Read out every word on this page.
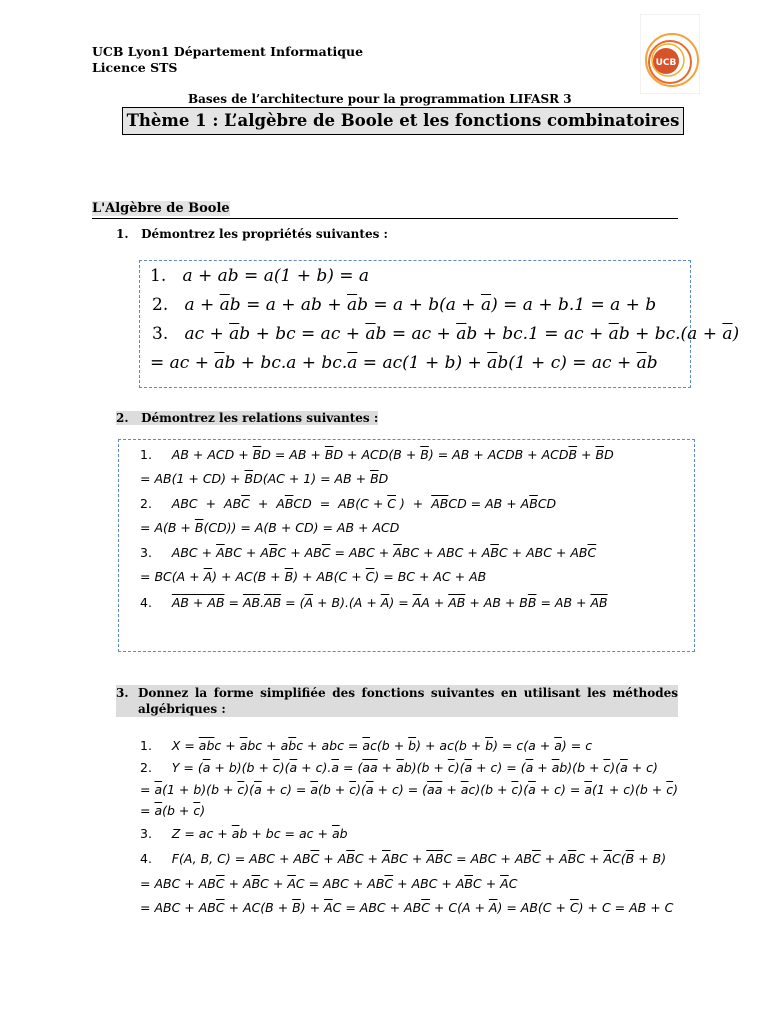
UCB Lyon1 Département Informatique
Licence STS	UCB
Bases de l’architecture pour la programmation LIFASR 3
Thème 1 : L’algèbre de Boole et les fonctions combinatoires
L'Algèbre de Boole
1. Démontrez les propriétés suivantes :
1.   a + ab = a(1 + b) = a
2.   $a + \overline{a}b = a$ + ab + $\overline{a}b = a + b(a + \overline{a}) = a + b.1 = a + b$
3.   ac + $\overline{a}b$ + bc = ac + $\overline{a}b$ = ac + $\overline{a}b + bc.1$ = ac + $\overline{a}b + bc.(a + \overline{a})$
= ac + $\overline{a}b + bc.a + bc.\overline{a} = ac(1 + b) + \overline{a}b(1 + c)$ = ac + $\overline{a}b$
2. Démontrez les relations suivantes :
1.     AB + ACD + $\overline{B}D$ = AB + $\overline{B}D + ACD(B + \overline{B})$ = AB + ACDB + $ACD\overline{B} + \overline{B}D$
= $AB(1 + CD) + \overline{B}D(AC + 1)$ = AB + $\overline{B}D$
2.     ABC  +  $AB\overline{C} + A\overline{B}CD = AB(C + \overline{C}$ )  +  $\overline{AB}CD$ = AB + $A\overline{B}CD$
= $A(B + \overline{B}(CD)) = A(B + CD)$ = AB + ACD
3.     ABC + $\overline{A}BC + A\overline{B}C + AB\overline{C}$ = ABC + $\overline{A}BC$ + ABC + $A\overline{B}C$ + ABC + $AB\overline{C}$
= $BC(A + \overline{A}) + AC(B + \overline{B}) + AB(C + \overline{C})$ = BC + AC + AB
4. AB + AB = $AB.AB = (\overline{A} + B).(A + \overline{A}) = \overline{A}A + \overline{AB}$ + AB + $B\overline{B}$ = AB + $\overline{AB}$
3. Donnez la forme simplifiée des fonctions suivantes en utilisant les méthodes algébriques :
1.     $X = \overline{a}\overline{b}c + \overline{a}bc + a\overline{b}c$ + abc = $\overline{a}c(b + \overline{b}) + ac(b + \overline{b}) = c(a + \overline{a}) = c$
2.     $Y = (\overline{a} + b)(b + \overline{c})(\overline{a} + c).\overline{a} = (\overline{a}\overline{a} + \overline{a}b)(b + \overline{c})(\overline{a} + c) = (\overline{a} + \overline{a}b)(b + \overline{c})(\overline{a} + c)$
= $\overline{a}(1 + b)(b + \overline{c})(\overline{a} + c) = \overline{a}(b + \overline{c})(\overline{a} + c) = (\overline{a}\overline{a} + \overline{a}c)(b + \overline{c})(\overline{a} + c) = \overline{a}(1 + c)(b + \overline{c})$
= $\overline{a}(b + \overline{c})$
3.     Z = ac + $\overline{a}b$ + bc = ac + $\overline{a}b$
4.     F(A, B, C) = ABC + $AB\overline{C} + A\overline{B}C + \overline{A}BC + \overline{A}\overline{B}C$ = ABC + $AB\overline{C} + A\overline{B}C + \overline{A}C(\overline{B} + B)$
= ABC + $AB\overline{C} + A\overline{B}C + \overline{A}C$ = ABC + $AB\overline{C}$ + ABC + $A\overline{B}C + \overline{A}C$
= ABC + $AB\overline{C} + AC(B + \overline{B}) + \overline{A}C$ = ABC + $AB\overline{C} + C(A + \overline{A}) = AB(C + \overline{C}) + C$ = AB + C
